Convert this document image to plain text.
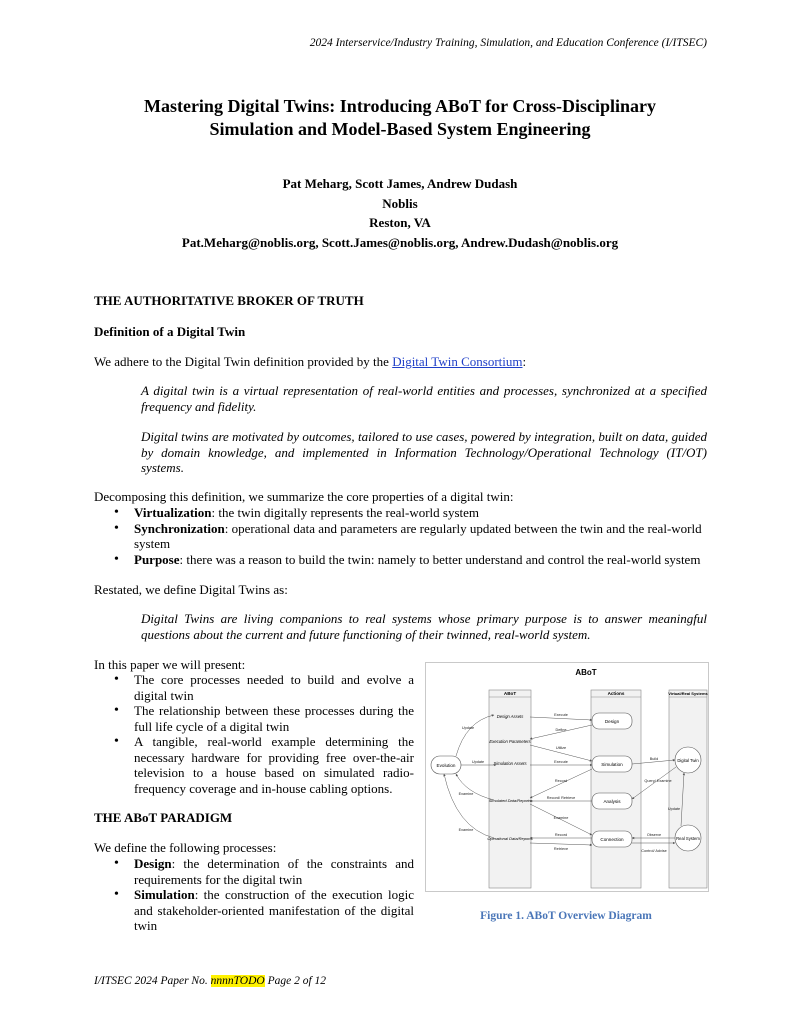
2024 Interservice/Industry Training, Simulation, and Education Conference (I/ITSEC)
Mastering Digital Twins: Introducing ABoT for Cross-Disciplinary
Simulation and Model-Based System Engineering
Pat Meharg, Scott James, Andrew Dudash
Noblis
Reston, VA
Pat.Meharg@noblis.org, Scott.James@noblis.org, Andrew.Dudash@noblis.org
THE AUTHORITATIVE BROKER OF TRUTH
Definition of a Digital Twin
We adhere to the Digital Twin definition provided by the Digital Twin Consortium:
A digital twin is a virtual representation of real-world entities and processes, synchronized at a specified frequency and fidelity.
Digital twins are motivated by outcomes, tailored to use cases, powered by integration, built on data, guided by domain knowledge, and implemented in Information Technology/Operational Technology (IT/OT) systems.
Decomposing this definition, we summarize the core properties of a digital twin:
• Virtualization: the twin digitally represents the real-world system
• Synchronization: operational data and parameters are regularly updated between the twin and the real-world system
• Purpose: there was a reason to build the twin: namely to better understand and control the real-world system
Restated, we define Digital Twins as:
Digital Twins are living companions to real systems whose primary purpose is to answer meaningful questions about the current and future functioning of their twinned, real-world system.
In this paper we will present:
• The core processes needed to build and evolve a digital twin
• The relationship between these processes during the full life cycle of a digital twin
• A tangible, real-world example determining the necessary hardware for providing free over-the-air television to a house based on simulated radio-frequency coverage and in-house cabling options.
THE ABoT PARADIGM
We define the following processes:
• Design: the determination of the constraints and requirements for the digital twin
• Simulation: the construction of the execution logic and stakeholder-oriented manifestation of the digital twin
ABoT
ABoT	Actions	Virtual/Real Systems
Evolution
Design
Simulation
Analysis
Connection
Digital Twin
Real System
Design Assets
Execution Parameters
Simulation Assets
Simulated Data/Reports
Operational Data/Reports
Update
Update
Examine
Examine
Execute
Define
Utilize
Execute
Record
Record/ Retrieve
Examine
Record
Retrieve
Build
Query/ Examine
Update
Observe
Control/ Advise
Figure 1. ABoT Overview Diagram
I/ITSEC 2024 Paper No. nnnnTODO Page 2 of 12
